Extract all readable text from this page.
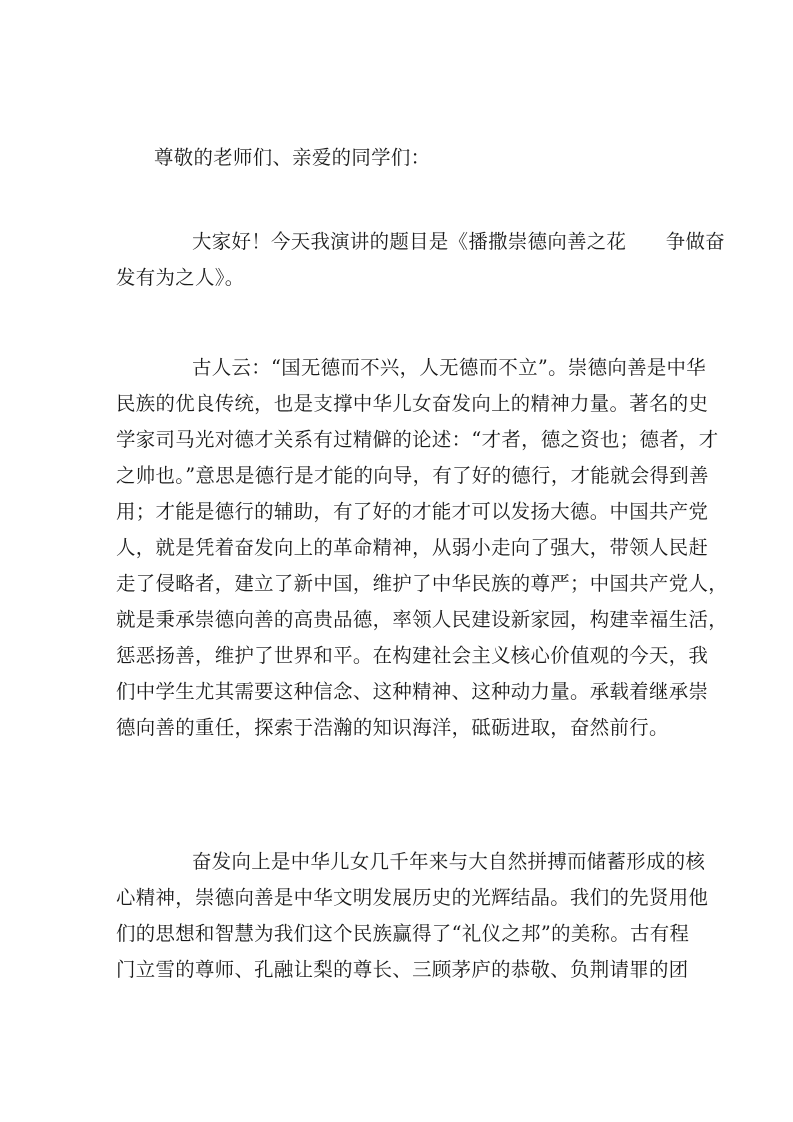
尊敬的老师们、亲爱的同学们：
大家好！今天我演讲的题目是《播撒崇德向善之花　　争做奋
发有为之人》。
古人云：“国无德而不兴，人无德而不立”。崇德向善是中华
民族的优良传统，也是支撑中华儿女奋发向上的精神力量。著名的史
学家司马光对德才关系有过精僻的论述：“才者，德之资也；德者，才
之帅也。”意思是德行是才能的向导，有了好的德行，才能就会得到善
用；才能是德行的辅助，有了好的才能才可以发扬大德。中国共产党
人，就是凭着奋发向上的革命精神，从弱小走向了强大，带领人民赶
走了侵略者，建立了新中国，维护了中华民族的尊严；中国共产党人，
就是秉承崇德向善的高贵品德，率领人民建设新家园，构建幸福生活，
惩恶扬善，维护了世界和平。在构建社会主义核心价值观的今天，我
们中学生尤其需要这种信念、这种精神、这种动力量。承载着继承崇
德向善的重任，探索于浩瀚的知识海洋，砥砺进取，奋然前行。
奋发向上是中华儿女几千年来与大自然拼搏而储蓄形成的核
心精神，崇德向善是中华文明发展历史的光辉结晶。我们的先贤用他
们的思想和智慧为我们这个民族赢得了“礼仪之邦”的美称。古有程
门立雪的尊师、孔融让梨的尊长、三顾茅庐的恭敬、负荆请罪的团
